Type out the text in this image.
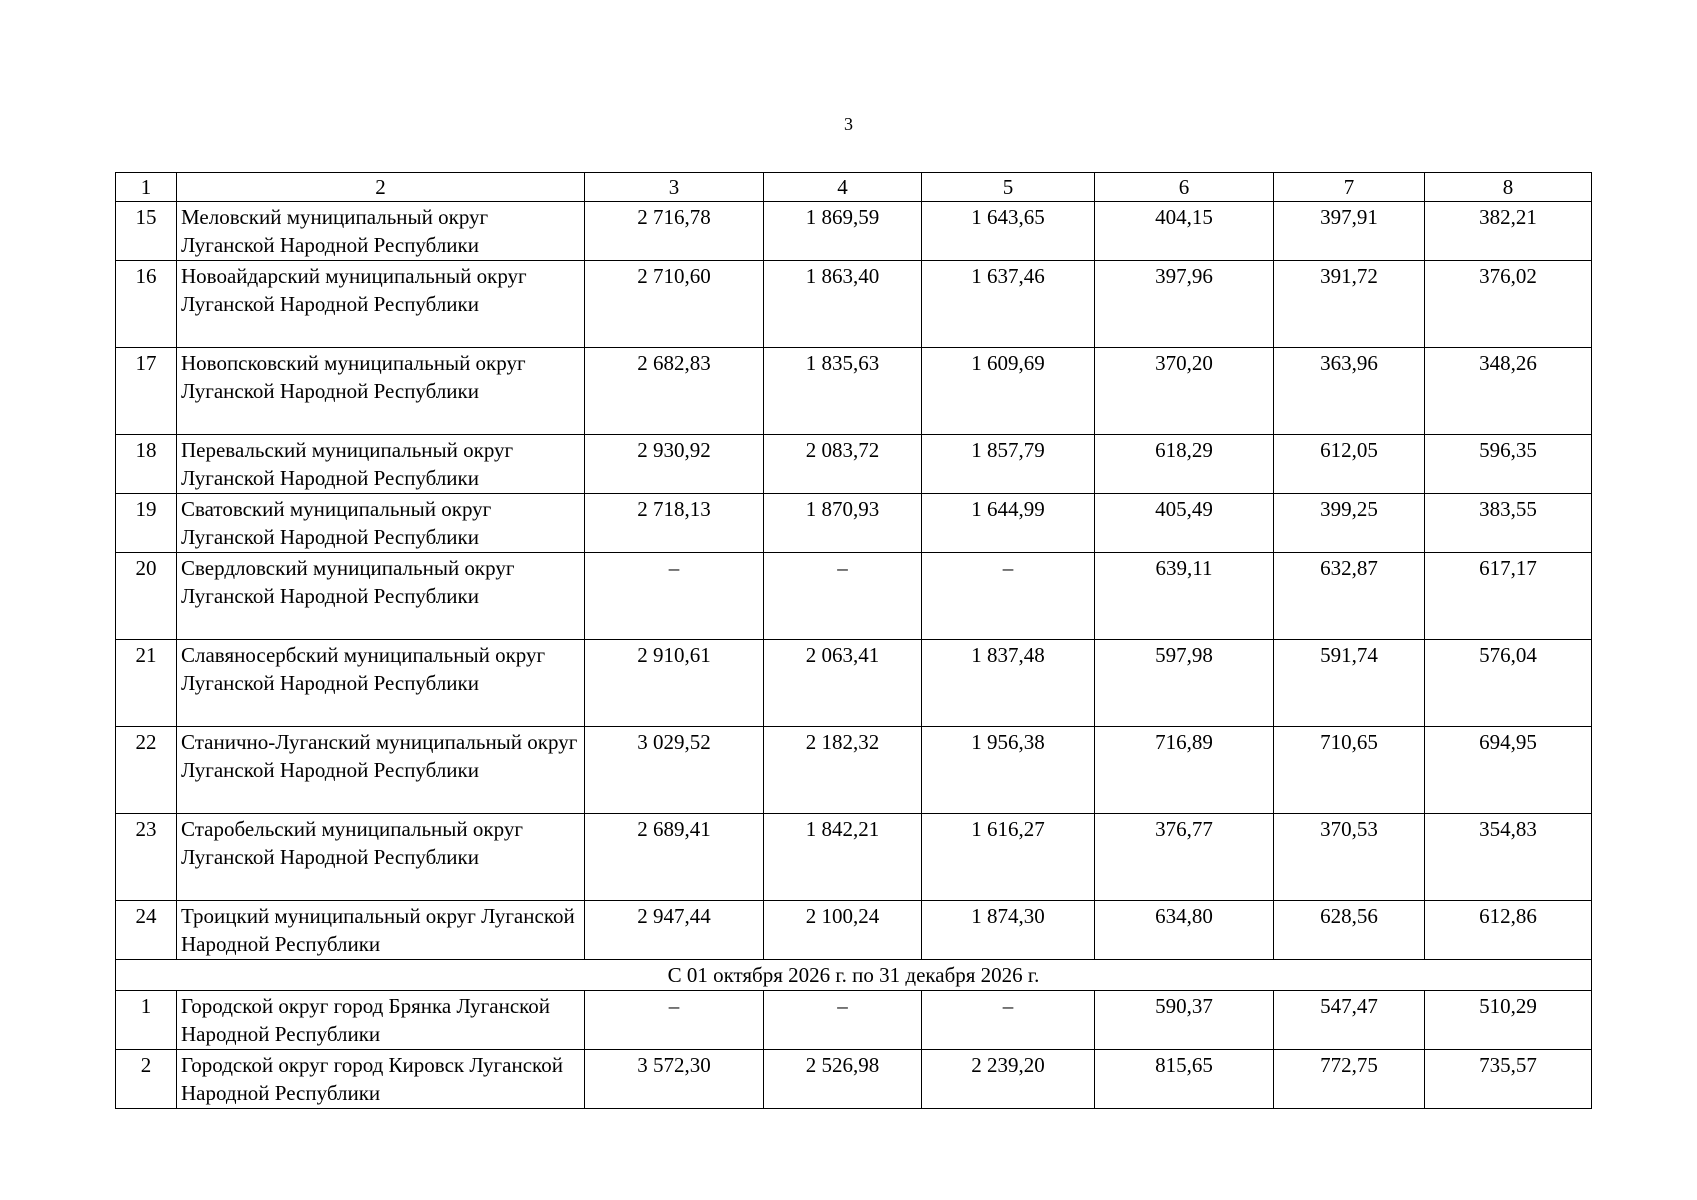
3
1	2	3	4	5	6	7	8
15	Меловский муниципальный округ Луганской Народной Республики	2 716,78	1 869,59	1 643,65	404,15	397,91	382,21
16	Новоайдарский муниципальный округ Луганской Народной Республики	2 710,60	1 863,40	1 637,46	397,96	391,72	376,02
17	Новопсковский муниципальный округ Луганской Народной Республики	2 682,83	1 835,63	1 609,69	370,20	363,96	348,26
18	Перевальский муниципальный округ Луганской Народной Республики	2 930,92	2 083,72	1 857,79	618,29	612,05	596,35
19	Сватовский муниципальный округ Луганской Народной Республики	2 718,13	1 870,93	1 644,99	405,49	399,25	383,55
20	Свердловский муниципальный округ Луганской Народной Республики	–	–	–	639,11	632,87	617,17
21	Славяносербский муниципальный округ Луганской Народной Республики	2 910,61	2 063,41	1 837,48	597,98	591,74	576,04
22	Станично-Луганский муниципальный округ Луганской Народной Республики	3 029,52	2 182,32	1 956,38	716,89	710,65	694,95
23	Старобельский муниципальный округ Луганской Народной Республики	2 689,41	1 842,21	1 616,27	376,77	370,53	354,83
24	Троицкий муниципальный округ Луганской Народной Республики	2 947,44	2 100,24	1 874,30	634,80	628,56	612,86
С 01 октября 2026 г. по 31 декабря 2026 г.							
1	Городской округ город Брянка Луганской Народной Республики	–	–	–	590,37	547,47	510,29
2	Городской округ город Кировск Луганской Народной Республики	3 572,30	2 526,98	2 239,20	815,65	772,75	735,57
